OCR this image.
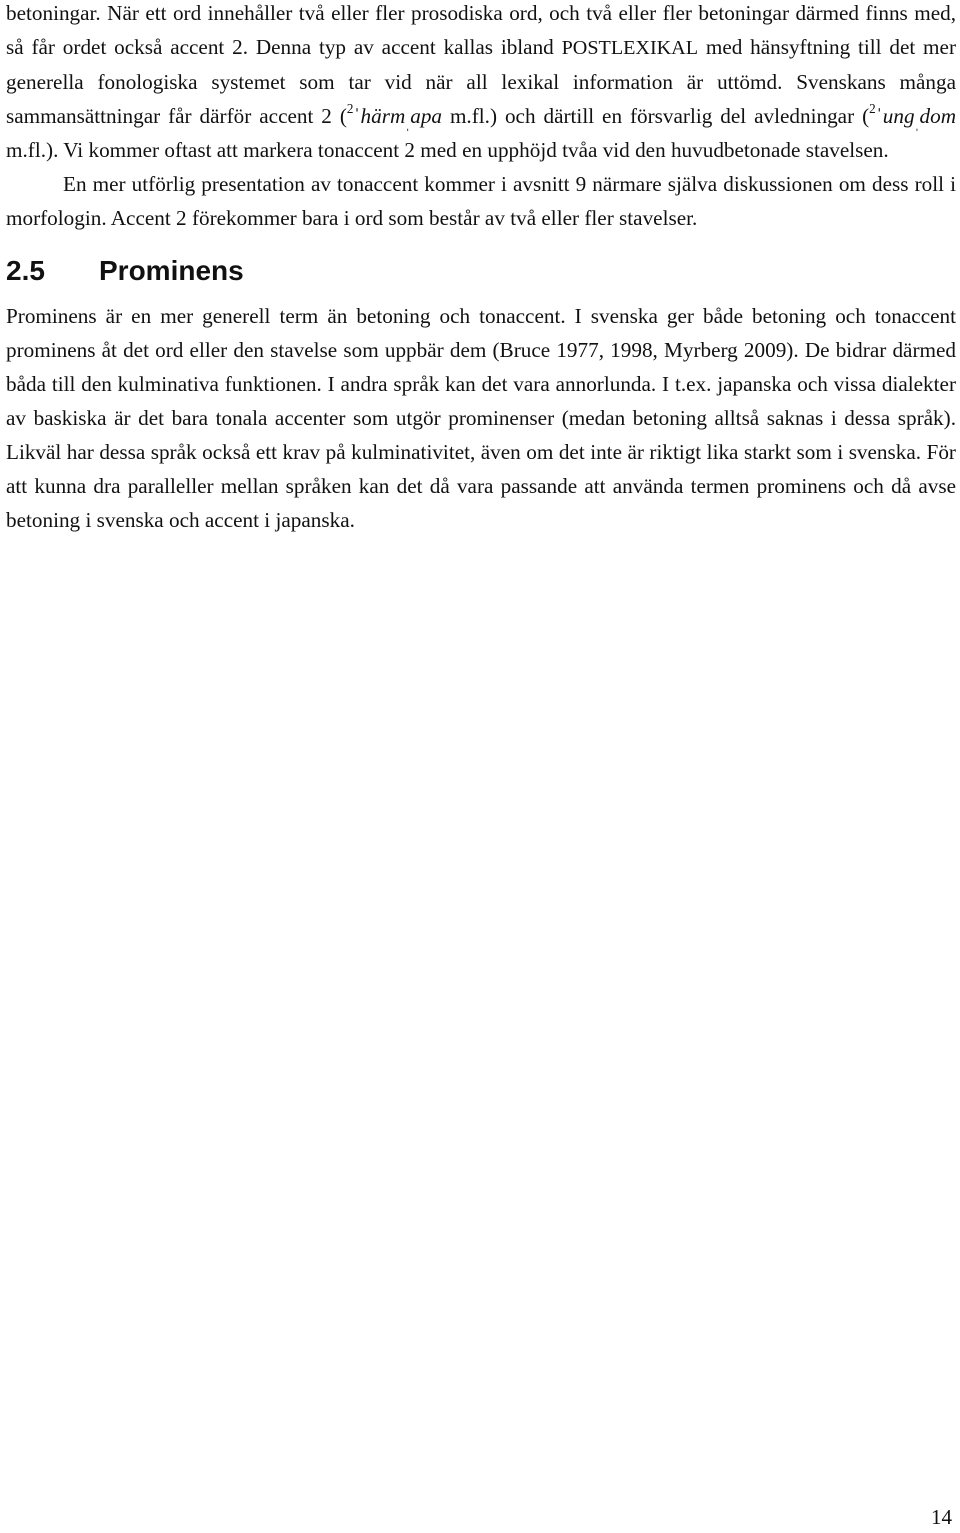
betoningar. När ett ord innehåller två eller fler prosodiska ord, och två eller fler betoningar därmed finns med, så får ordet också accent 2. Denna typ av accent kallas ibland POSTLEXIKAL med hänsyftning till det mer generella fonologiska systemet som tar vid när all lexikal information är uttömd. Svenskans många sammansättningar får därför accent 2 ($^2$ˈhärm$_ˌ$apa m.fl.) och därtill en försvarlig del avledningar ($^2$ˈung$_ˌ$dom m.fl.). Vi kommer oftast att markera tonaccent 2 med en upphöjd tvåa vid den huvudbetonade stavelsen.

En mer utförlig presentation av tonaccent kommer i avsnitt 9 närmare själva diskussionen om dess roll i morfologin. Accent 2 förekommer bara i ord som består av två eller fler stavelser.

2.5	Prominens

Prominens är en mer generell term än betoning och tonaccent. I svenska ger både betoning och tonaccent prominens åt det ord eller den stavelse som uppbär dem (Bruce 1977, 1998, Myrberg 2009). De bidrar därmed båda till den kulminativa funktionen. I andra språk kan det vara annorlunda. I t.ex. japanska och vissa dialekter av baskiska är det bara tonala accenter som utgör prominenser (medan betoning alltså saknas i dessa språk). Likväl har dessa språk också ett krav på kulminativitet, även om det inte är riktigt lika starkt som i svenska. För att kunna dra paralleller mellan språken kan det då vara passande att använda termen prominens och då avse betoning i svenska och accent i japanska.

14
